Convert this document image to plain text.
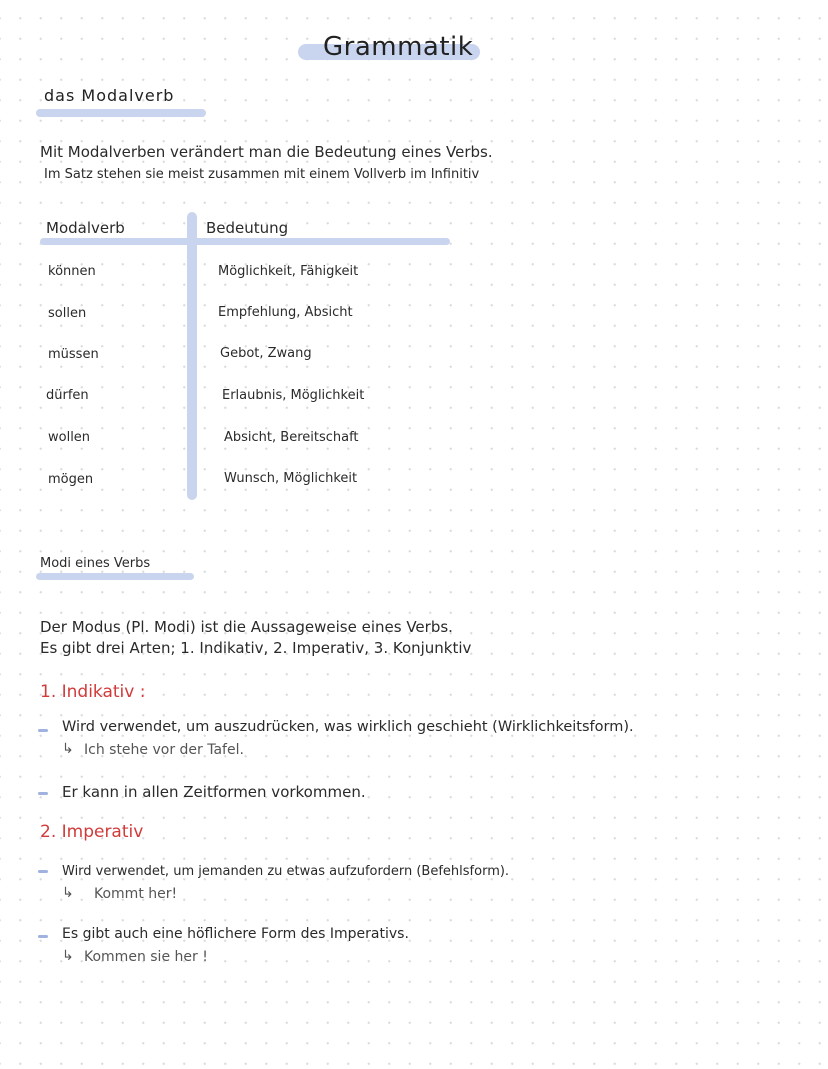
Grammatik
das Modalverb
Mit Modalverben verändert man die Bedeutung eines Verbs.
Im Satz stehen sie meist zusammen mit einem Vollverb im Infinitiv
Modalverb	Bedeutung
können	Möglichkeit, Fähigkeit
sollen	Empfehlung, Absicht
müssen	Gebot, Zwang
dürfen	Erlaubnis, Möglichkeit
wollen	Absicht, Bereitschaft
mögen	Wunsch, Möglichkeit
Modi eines Verbs
Der Modus (Pl. Modi) ist die Aussageweise eines Verbs.
Es gibt drei Arten; 1. Indikativ, 2. Imperativ, 3. Konjunktiv
1. Indikativ :
Wird verwendet, um auszudrücken, was wirklich geschieht (Wirklichkeitsform).
↳ Ich stehe vor der Tafel.
Er kann in allen Zeitformen vorkommen.
2. Imperativ
Wird verwendet, um jemanden zu etwas aufzufordern (Befehlsform).
↳ Kommt her!
Es gibt auch eine höflichere Form des Imperativs.
↳ Kommen sie her !
